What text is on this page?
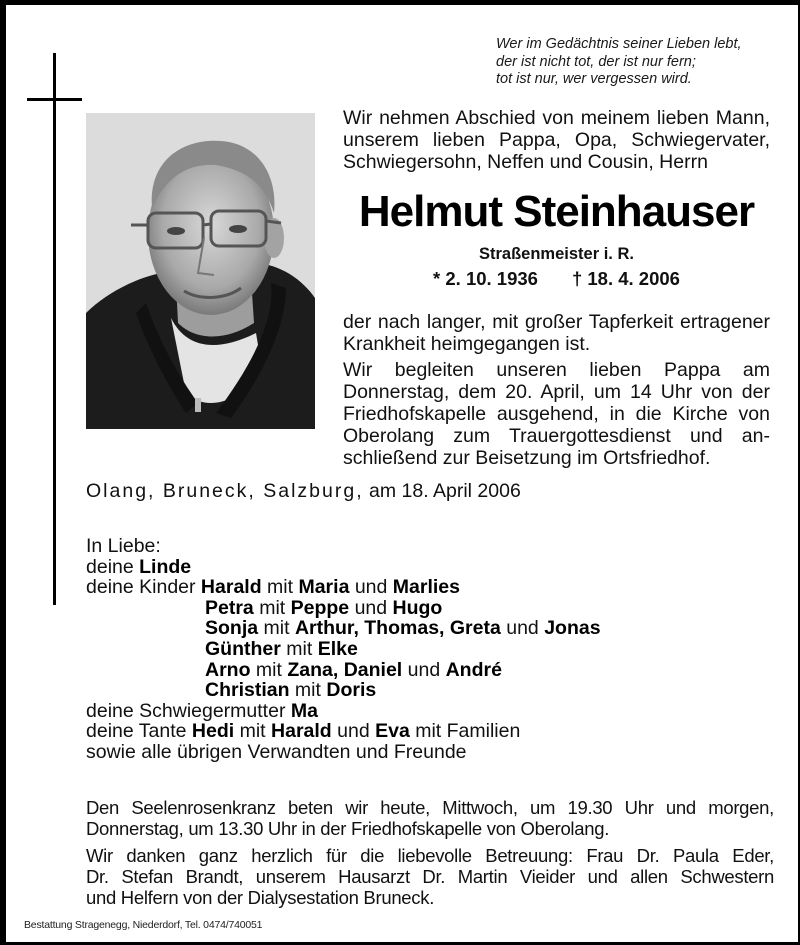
Wer im Gedächtnis seiner Lieben lebt,
der ist nicht tot, der ist nur fern;
tot ist nur, wer vergessen wird.
Wir nehmen Abschied von meinem lieben Mann,
unserem lieben Pappa, Opa, Schwiegervater,
Schwiegersohn, Neffen und Cousin, Herrn
Helmut Steinhauser
Straßenmeister i. R.
* 2. 10. 1936 † 18. 4. 2006
der nach langer, mit großer Tapferkeit ertragener
Krankheit heimgegangen ist.
Wir begleiten unseren lieben Pappa am
Donnerstag, dem 20. April, um 14 Uhr von der
Friedhofskapelle ausgehend, in die Kirche von
Oberolang zum Trauergottesdienst und an-
schließend zur Beisetzung im Ortsfriedhof.
Olang, Bruneck, Salzburg, am 18. April 2006
In Liebe:
deine Linde
deine Kinder Harald mit Maria und Marlies
Petra mit Peppe und Hugo
Sonja mit Arthur, Thomas, Greta und Jonas
Günther mit Elke
Arno mit Zana, Daniel und André
Christian mit Doris
deine Schwiegermutter Ma
deine Tante Hedi mit Harald und Eva mit Familien
sowie alle übrigen Verwandten und Freunde
Den Seelenrosenkranz beten wir heute, Mittwoch, um 19.30 Uhr und morgen,
Donnerstag, um 13.30 Uhr in der Friedhofskapelle von Oberolang.
Wir danken ganz herzlich für die liebevolle Betreuung: Frau Dr. Paula Eder,
Dr. Stefan Brandt, unserem Hausarzt Dr. Martin Vieider und allen Schwestern
und Helfern von der Dialysestation Bruneck.
Bestattung Stragenegg, Niederdorf, Tel. 0474/740051
